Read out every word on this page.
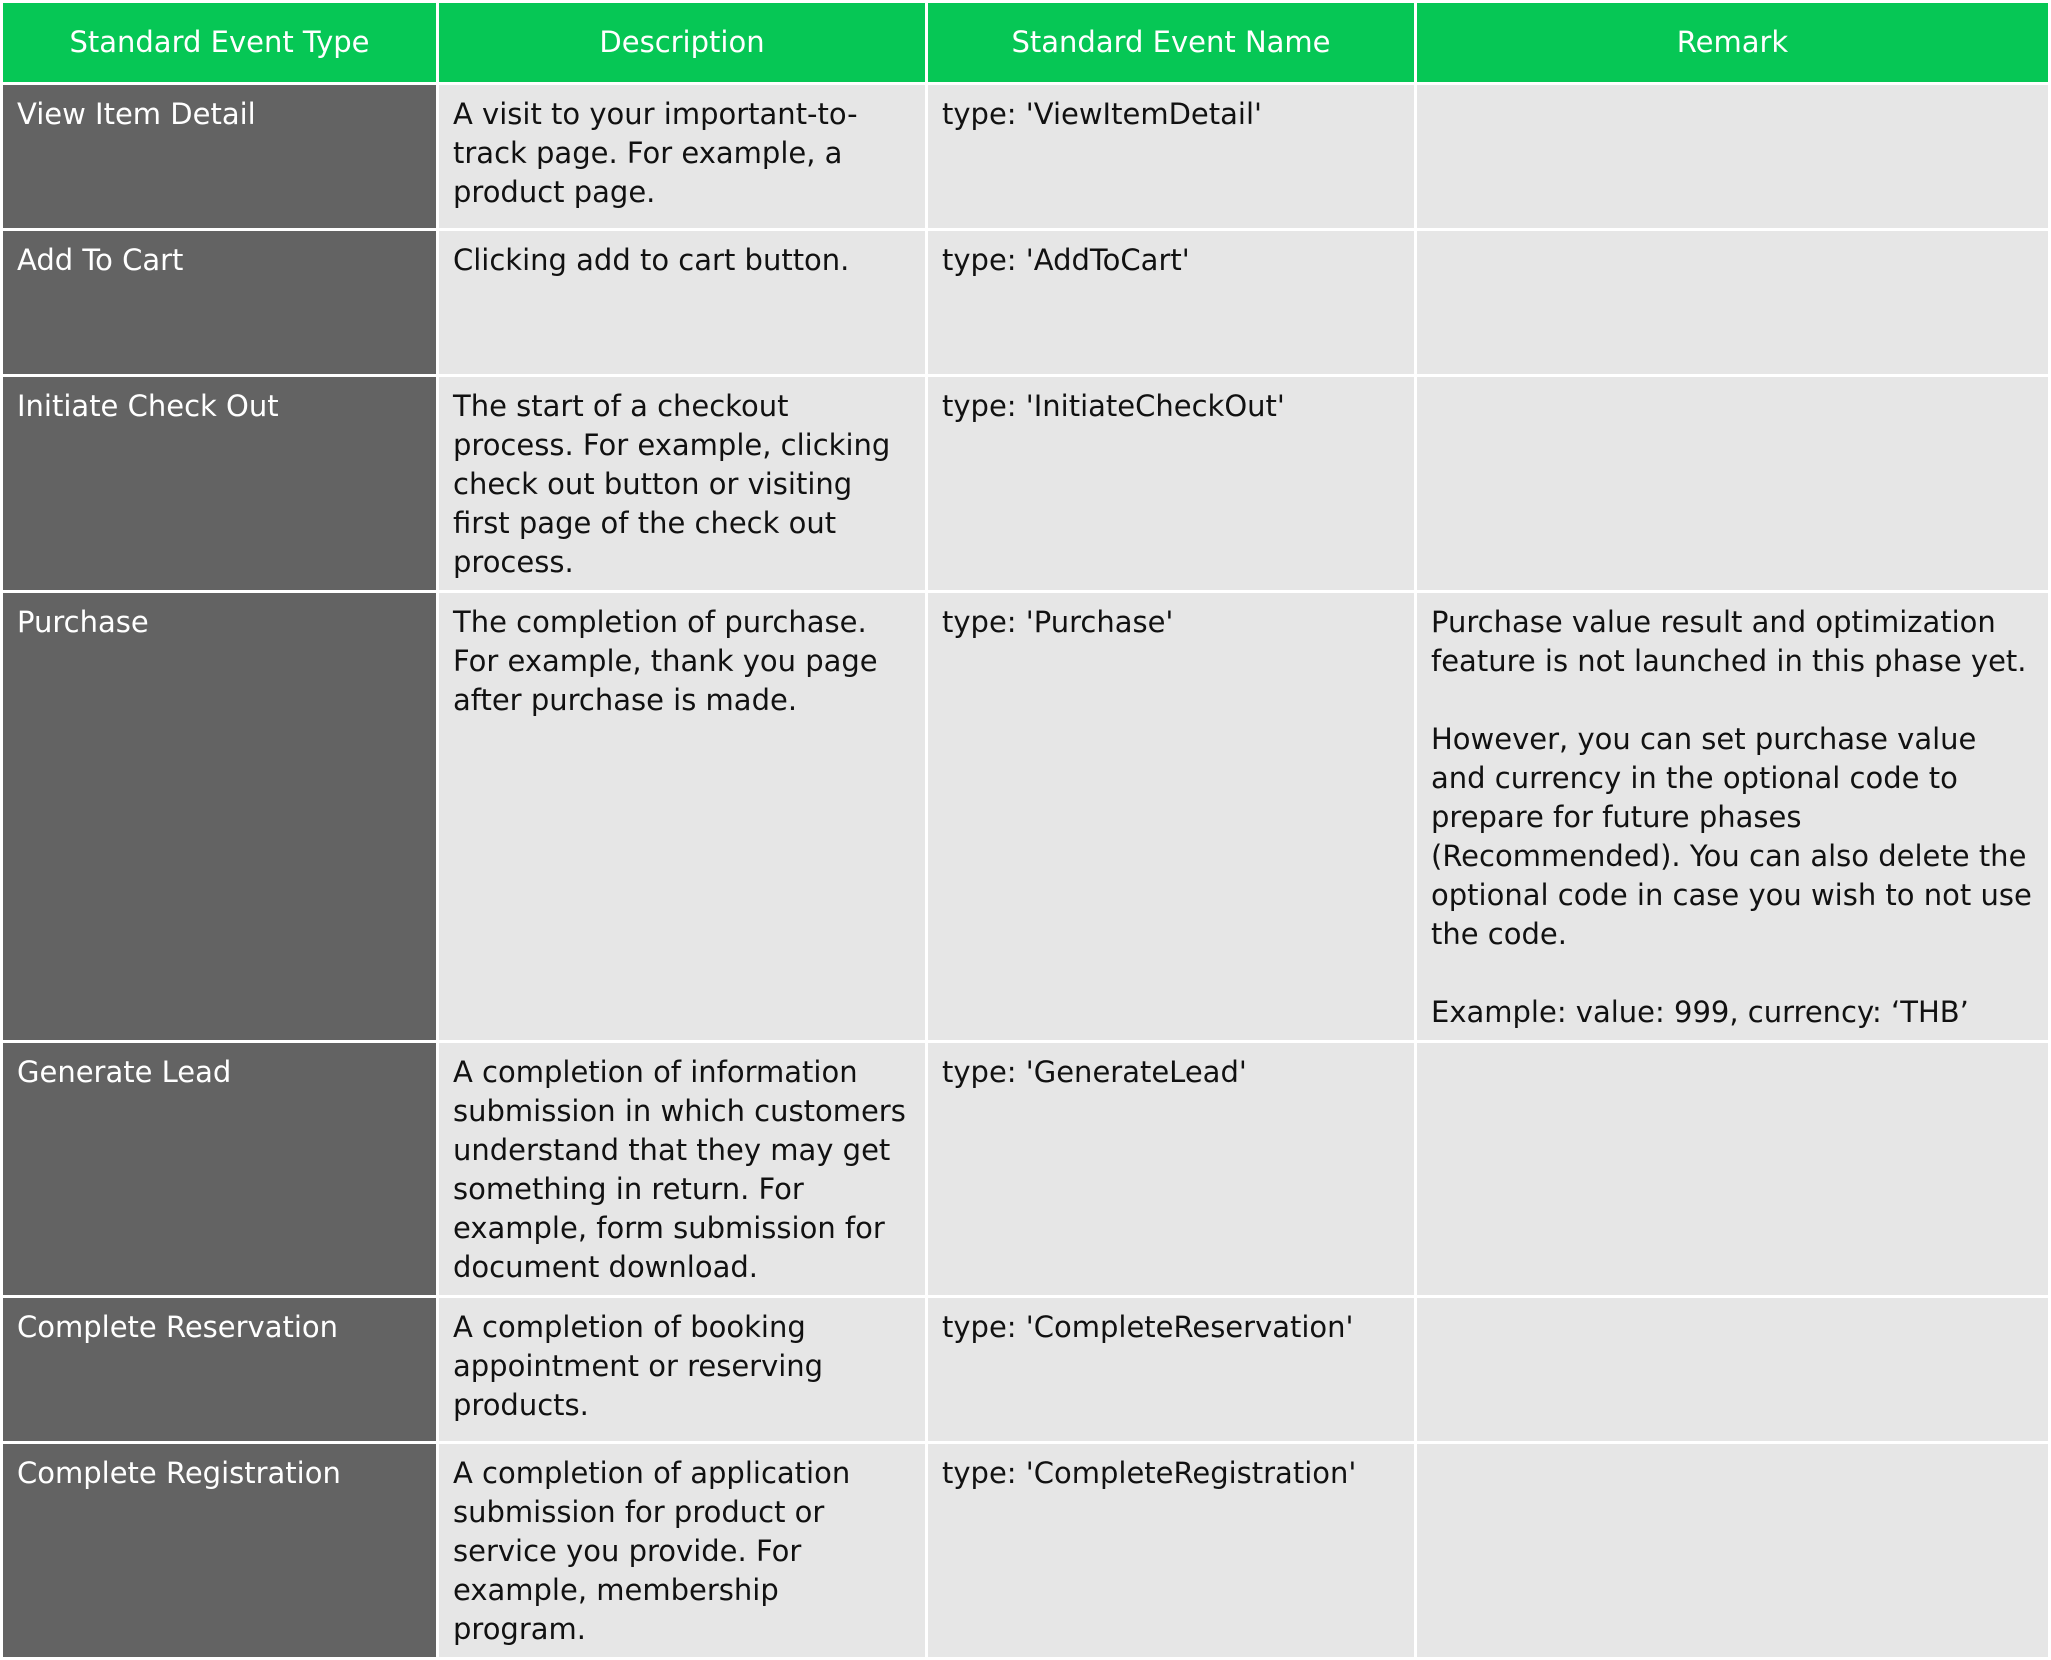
Standard Event Type	Description	Standard Event Name	Remark
View Item Detail	A visit to your important-to-track page. For example, a product page.	type: 'ViewItemDetail'	
Add To Cart	Clicking add to cart button.	type: 'AddToCart'	
Initiate Check Out	The start of a checkout process. For example, clicking check out button or visiting first page of the check out process.	type: 'InitiateCheckOut'	
Purchase	The completion of purchase. For example, thank you page after purchase is made.	type: 'Purchase'	Purchase value result and optimization feature is not launched in this phase yet.

However, you can set purchase value and currency in the optional code to prepare for future phases (Recommended). You can also delete the optional code in case you wish to not use the code.

Example: value: 999, currency: ‘THB’

Generate Lead	A completion of information submission in which customers understand that they may get something in return. For example, form submission for document download.	type: 'GenerateLead'	
Complete Reservation	A completion of booking appointment or reserving products.	type: 'CompleteReservation'	
Complete Registration	A completion of application submission for product or service you provide. For example, membership program.	type: 'CompleteRegistration'	
